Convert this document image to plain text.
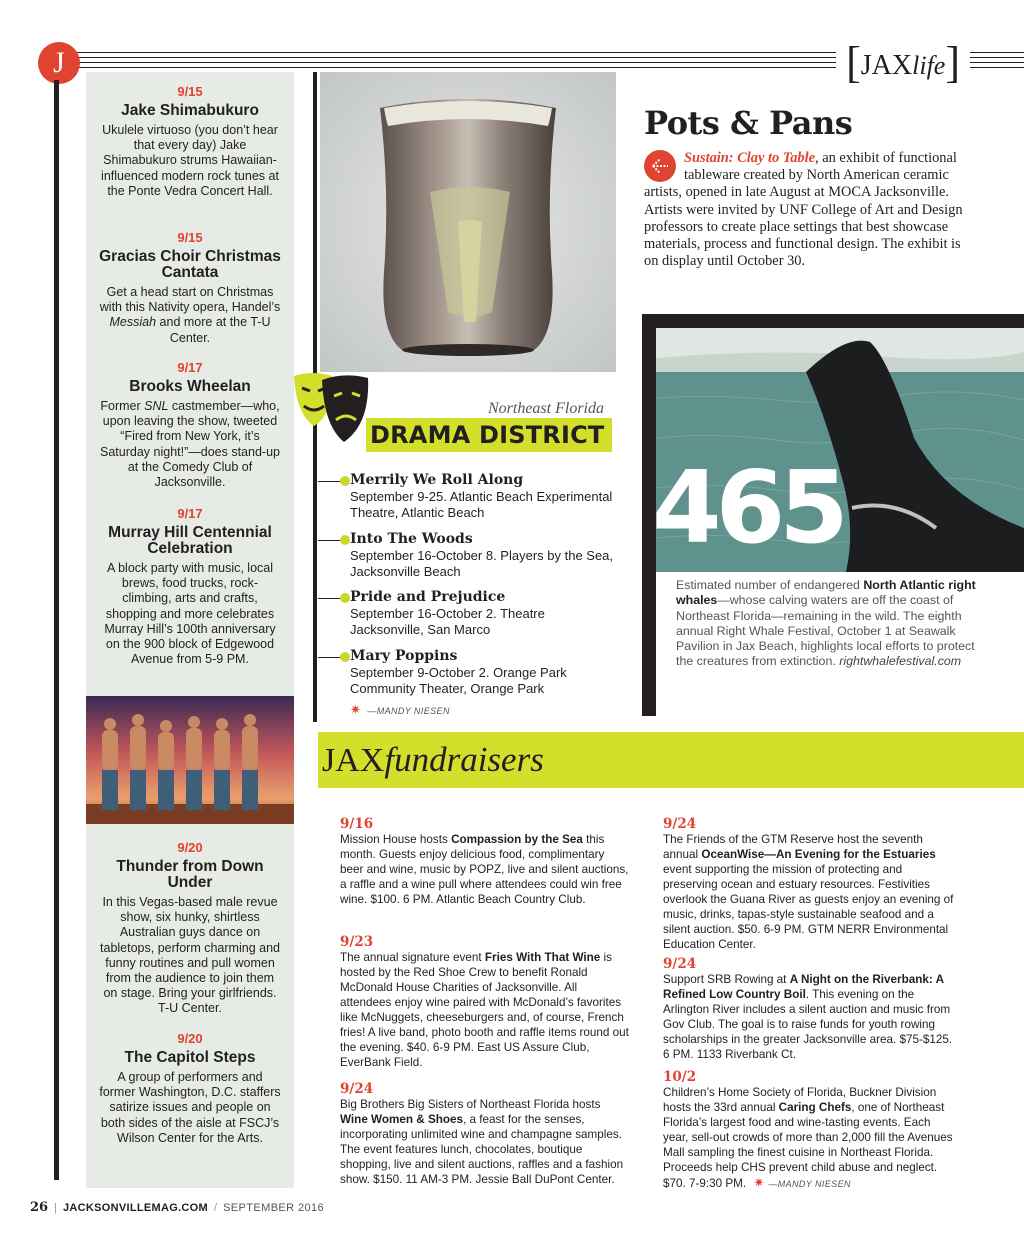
J	[JAXlife]
9/15
Jake Shimabukuro
Ukulele virtuoso (you don’t hear that every day) Jake Shimabukuro strums Hawaiian-influenced modern rock tunes at the Ponte Vedra Concert Hall.
9/15
Gracias Choir Christmas Cantata
Get a head start on Christmas with this Nativity opera, Handel’s Messiah and more at the T-U Center.
9/17
Brooks Wheelan
Former SNL castmember—who, upon leaving the show, tweeted “Fired from New York, it’s Saturday night!”—does stand-up at the Comedy Club of Jacksonville.
9/17
Murray Hill Centennial Celebration
A block party with music, local brews, food trucks, rock-climbing, arts and crafts, shopping and more celebrates Murray Hill’s 100th anniversary on the 900 block of Edgewood Avenue from 5-9 PM.
9/20
Thunder from Down Under
In this Vegas-based male revue show, six hunky, shirtless Australian guys dance on tabletops, perform charming and funny routines and pull women from the audience to join them on stage. Bring your girlfriends. T-U Center.
9/20
The Capitol Steps
A group of performers and former Washington, D.C. staffers satirize issues and people on both sides of the aisle at FSCJ’s Wilson Center for the Arts.
Pots & Pans
Sustain: Clay to Table, an exhibit of functional tableware created by North American ceramic artists, opened in late August at MOCA Jacksonville. Artists were invited by UNF College of Art and Design professors to create place settings that best showcase materials, process and functional design. The exhibit is on display until October 30.
465

Estimated number of endangered North Atlantic right whales—whose calving waters are off the coast of Northeast Florida—remaining in the wild. The eighth annual Right Whale Festival, October 1 at Seawalk Pavilion in Jax Beach, highlights local efforts to protect the creatures from extinction. rightwhalefestival.com

Northeast Florida
DRAMA DISTRICT
Merrily We Roll Along
September 9-25. Atlantic Beach Experimental Theatre, Atlantic Beach
Into The Woods
September 16-October 8. Players by the Sea, Jacksonville Beach
Pride and Prejudice
September 16-October 2. Theatre Jacksonville, San Marco
Mary Poppins
September 9-October 2. Orange Park Community Theater, Orange Park
✷ —MANDY NIESEN
JAXfundraisers
9/16
Mission House hosts Compassion by the Sea this month. Guests enjoy delicious food, complimentary beer and wine, music by POPZ, live and silent auctions, a raffle and a wine pull where attendees could win free wine. $100. 6 PM. Atlantic Beach Country Club.
9/23
The annual signature event Fries With That Wine is hosted by the Red Shoe Crew to benefit Ronald McDonald House Charities of Jacksonville. All attendees enjoy wine paired with McDonald’s favorites like McNuggets, cheeseburgers and, of course, French fries! A live band, photo booth and raffle items round out the evening. $40. 6-9 PM. East US Assure Club, EverBank Field.
9/24
Big Brothers Big Sisters of Northeast Florida hosts Wine Women & Shoes, a feast for the senses, incorporating unlimited wine and champagne samples. The event features lunch, chocolates, boutique shopping, live and silent auctions, raffles and a fashion show. $150. 11 AM-3 PM. Jessie Ball DuPont Center.
9/24
The Friends of the GTM Reserve host the seventh annual OceanWise—An Evening for the Estuaries event supporting the mission of protecting and preserving ocean and estuary resources. Festivities overlook the Guana River as guests enjoy an evening of music, drinks, tapas-style sustainable seafood and a silent auction. $50. 6-9 PM. GTM NERR Environmental Education Center.
9/24
Support SRB Rowing at A Night on the Riverbank: A Refined Low Country Boil. This evening on the Arlington River includes a silent auction and music from Gov Club. The goal is to raise funds for youth rowing scholarships in the greater Jacksonville area. $75-$125. 6 PM. 1133 Riverbank Ct.
10/2
Children’s Home Society of Florida, Buckner Division hosts the 33rd annual Caring Chefs, one of Northeast Florida’s largest food and wine-tasting events. Each year, sell-out crowds of more than 2,000 fill the Avenues Mall sampling the finest cuisine in Northeast Florida. Proceeds help CHS prevent child abuse and neglect. $70. 7-9:30 PM. ✷ —MANDY NIESEN
26 | JACKSONVILLEMAG.COM / SEPTEMBER 2016
